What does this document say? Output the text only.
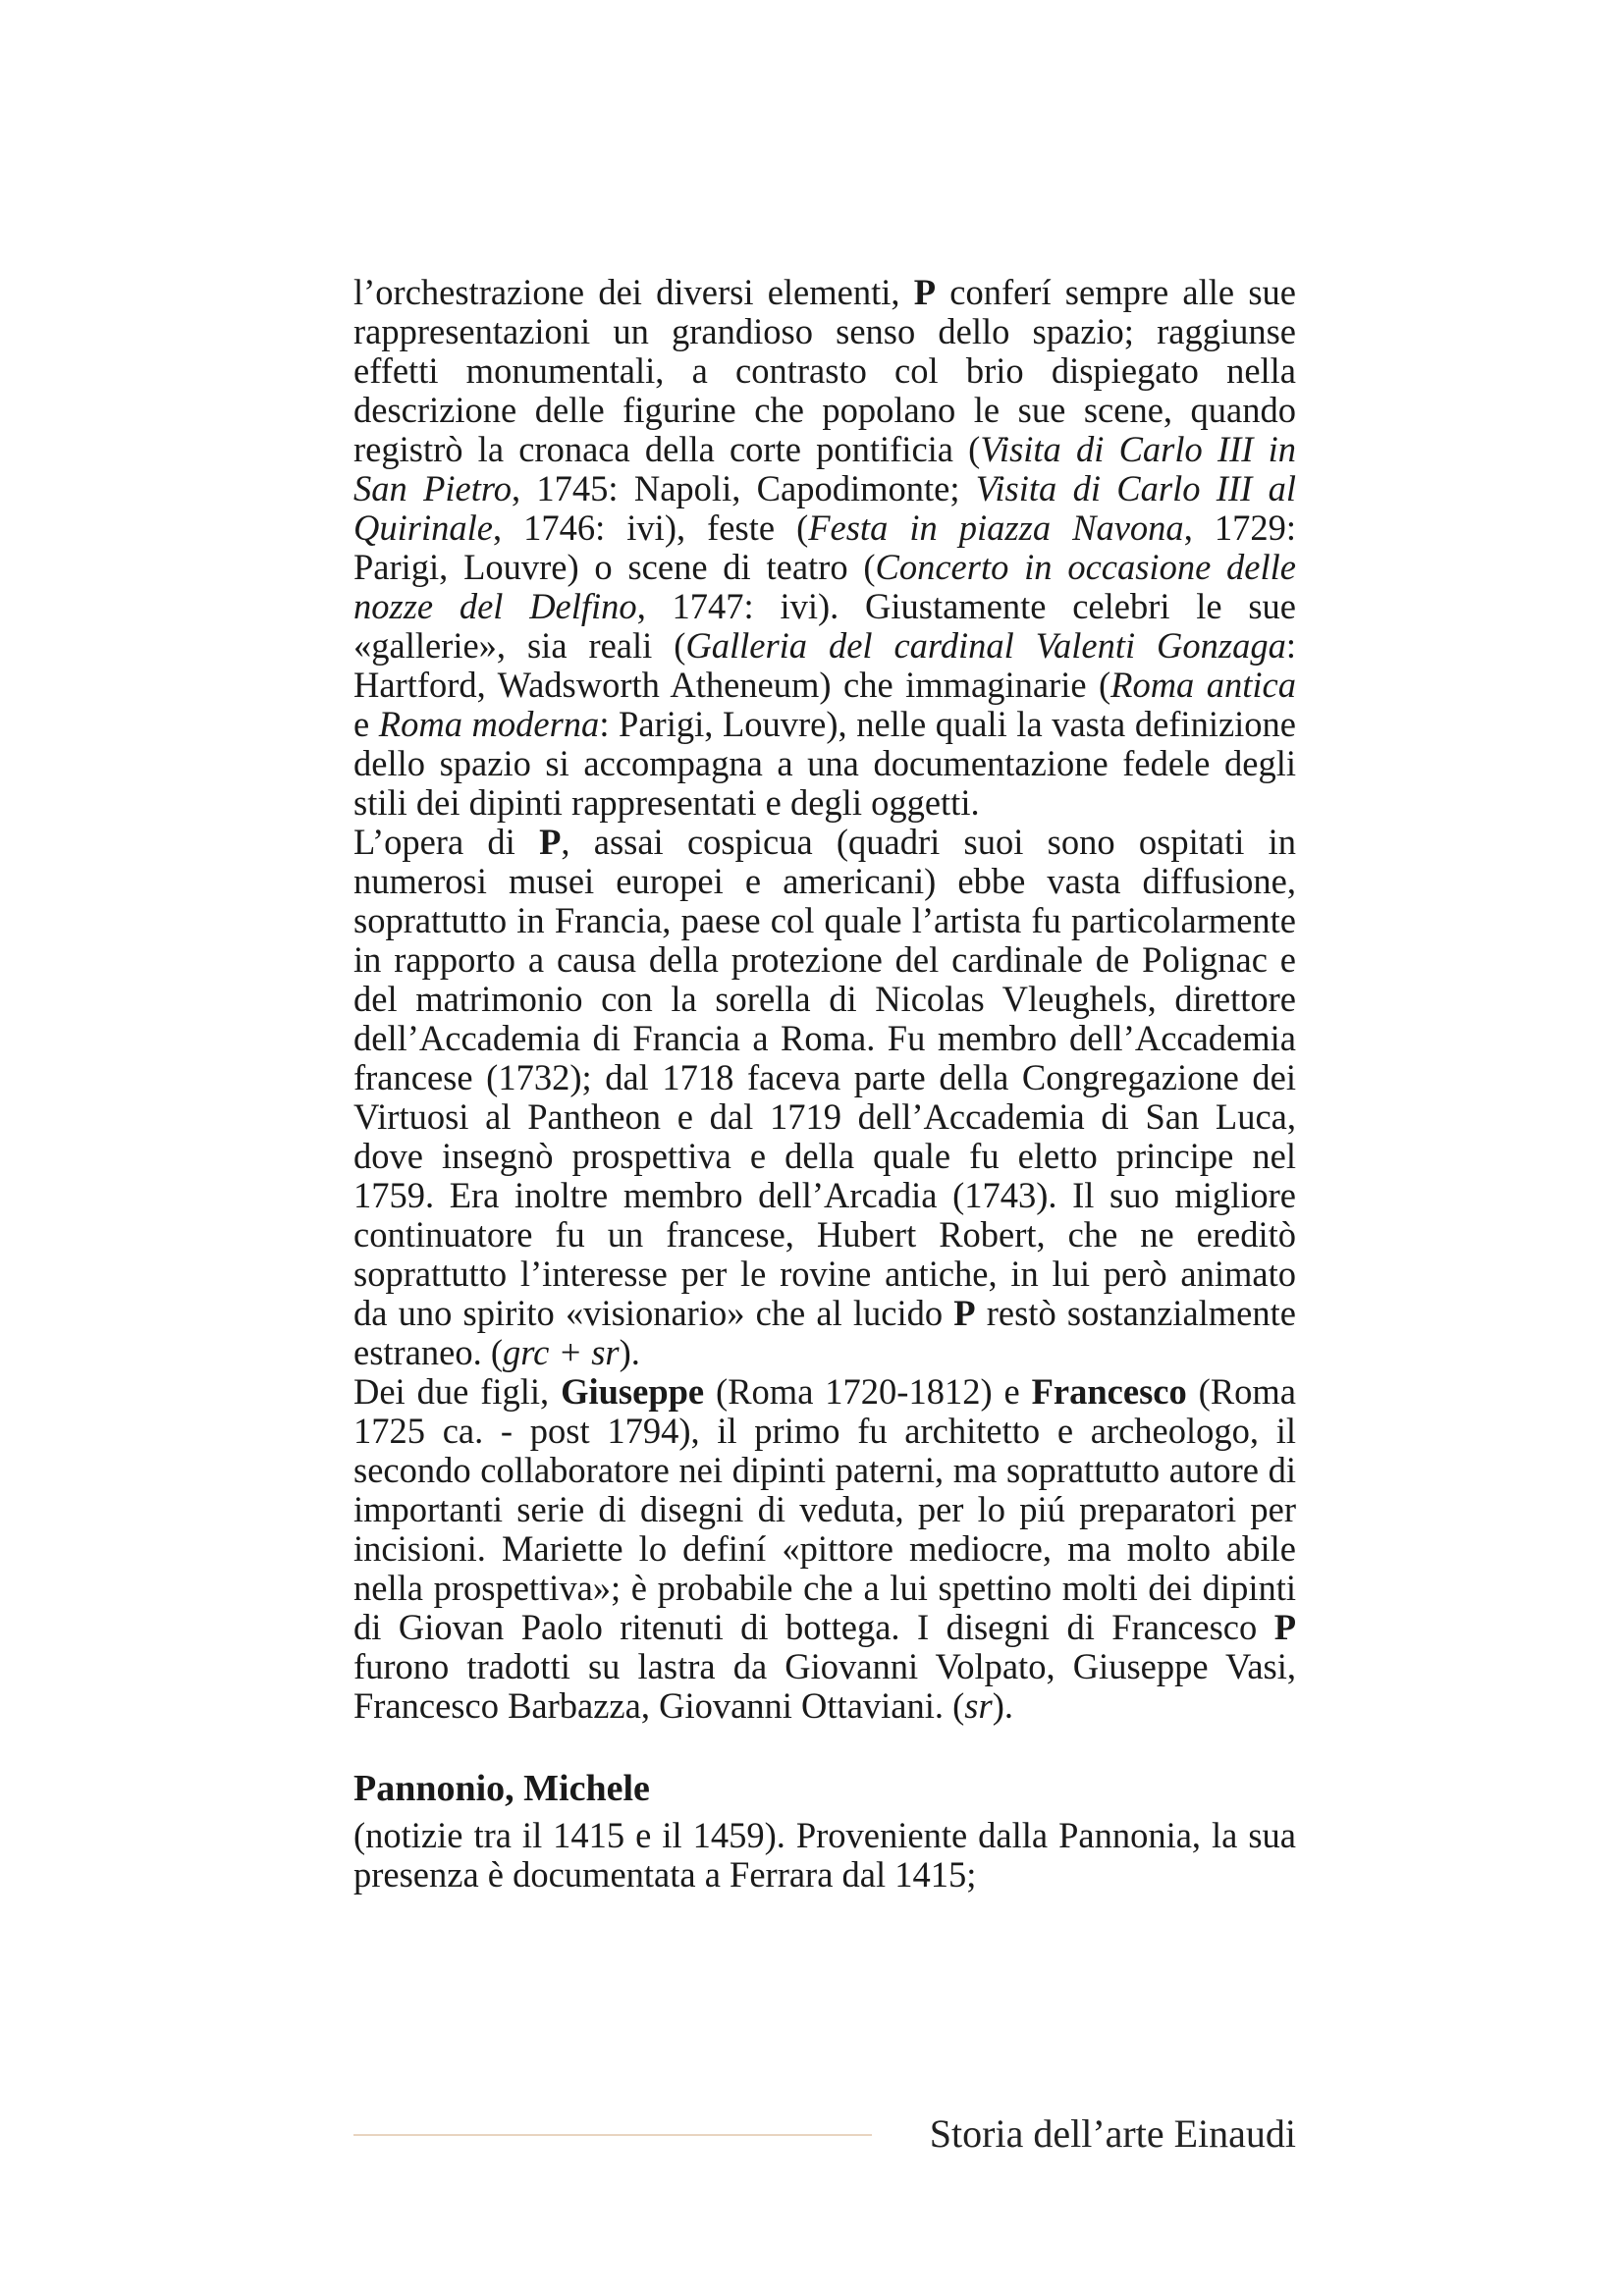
l’orchestrazione dei diversi elementi, P conferí sempre alle sue rappresentazioni un grandioso senso dello spazio; raggiunse effetti monumentali, a contrasto col brio dispiegato nella descrizione delle figurine che popolano le sue scene, quando registrò la cronaca della corte pontificia (Visita di Carlo III in San Pietro, 1745: Napoli, Capodimonte; Visita di Carlo III al Quirinale, 1746: ivi), feste (Festa in piazza Navona, 1729: Parigi, Louvre) o scene di teatro (Concerto in occasione delle nozze del Delfino, 1747: ivi). Giustamente celebri le sue «gallerie», sia reali (Galleria del cardinal Valenti Gonzaga: Hartford, Wadsworth Atheneum) che immaginarie (Roma antica e Roma moderna: Parigi, Louvre), nelle quali la vasta definizione dello spazio si accompagna a una documentazione fedele degli stili dei dipinti rappresentati e degli oggetti.

L’opera di P, assai cospicua (quadri suoi sono ospitati in numerosi musei europei e americani) ebbe vasta diffusione, soprattutto in Francia, paese col quale l’artista fu particolarmente in rapporto a causa della protezione del cardinale de Polignac e del matrimonio con la sorella di Nicolas Vleughels, direttore dell’Accademia di Francia a Roma. Fu membro dell’Accademia francese (1732); dal 1718 faceva parte della Congregazione dei Virtuosi al Pantheon e dal 1719 dell’Accademia di San Luca, dove insegnò prospettiva e della quale fu eletto principe nel 1759. Era inoltre membro dell’Arcadia (1743). Il suo migliore continuatore fu un francese, Hubert Robert, che ne ereditò soprattutto l’interesse per le rovine antiche, in lui però animato da uno spirito «visionario» che al lucido P restò sostanzialmente estraneo. (grc + sr).

Dei due figli, Giuseppe (Roma 1720-1812) e Francesco (Roma 1725 ca. - post 1794), il primo fu architetto e archeologo, il secondo collaboratore nei dipinti paterni, ma soprattutto autore di importanti serie di disegni di veduta, per lo piú preparatori per incisioni. Mariette lo definí «pittore mediocre, ma molto abile nella prospettiva»; è probabile che a lui spettino molti dei dipinti di Giovan Paolo ritenuti di bottega. I disegni di Francesco P furono tradotti su lastra da Giovanni Volpato, Giuseppe Vasi, Francesco Barbazza, Giovanni Ottaviani. (sr).

Pannonio, Michele

(notizie tra il 1415 e il 1459). Proveniente dalla Pannonia, la sua presenza è documentata a Ferrara dal 1415;

Storia dell’arte Einaudi
